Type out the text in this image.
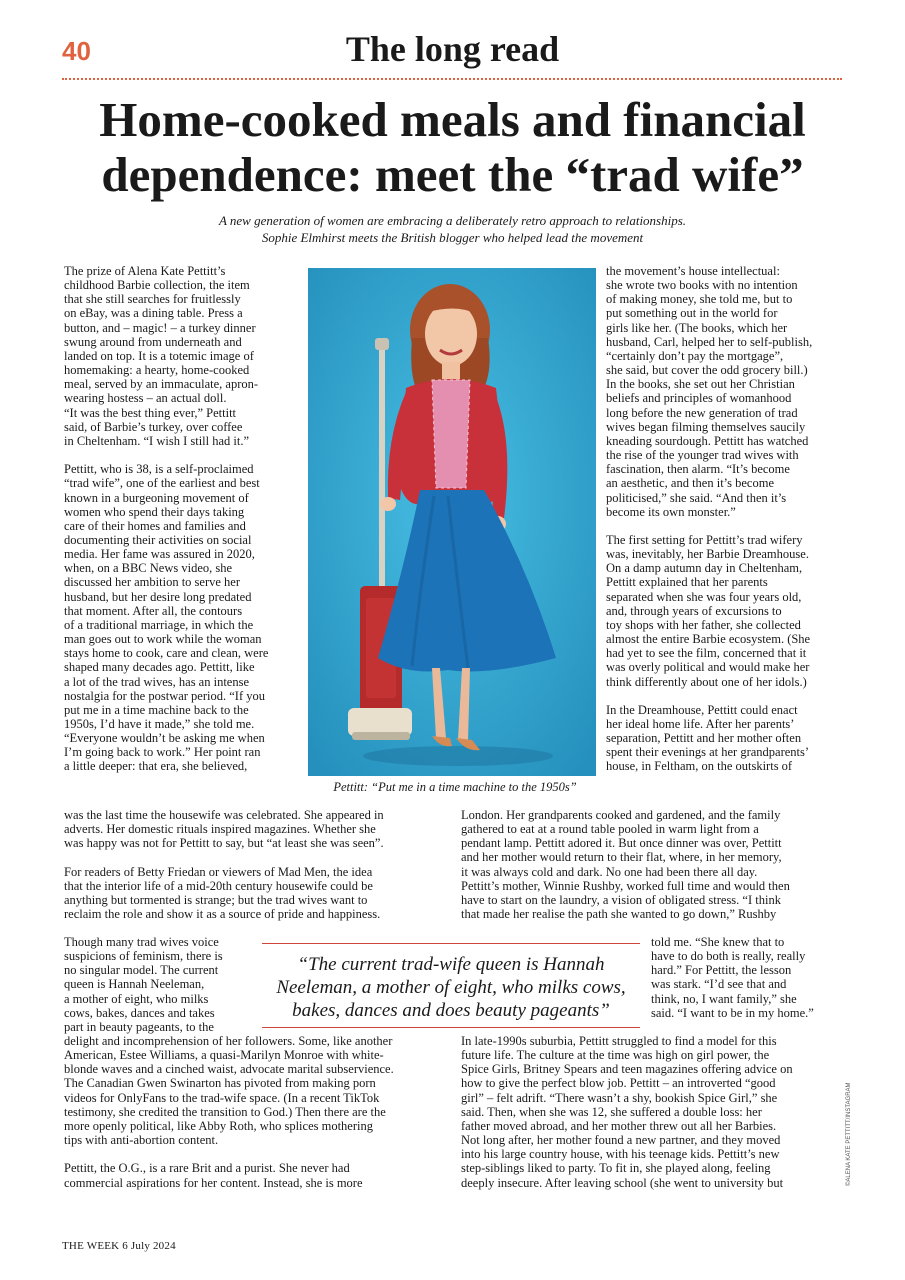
40	The long read
Home-cooked meals and financial
dependence: meet the “trad wife”
A new generation of women are embracing a deliberately retro approach to relationships.
Sophie Elmhirst meets the British blogger who helped lead the movement
The prize of Alena Kate Pettitt’s
childhood Barbie collection, the item
that she still searches for fruitlessly
on eBay, was a dining table. Press a
button, and – magic! – a turkey dinner
swung around from underneath and
landed on top. It is a totemic image of
homemaking: a hearty, home-cooked
meal, served by an immaculate, apron-
wearing hostess – an actual doll.
“It was the best thing ever,” Pettitt
said, of Barbie’s turkey, over coffee
in Cheltenham. “I wish I still had it.”

Pettitt, who is 38, is a self-proclaimed
“trad wife”, one of the earliest and best
known in a burgeoning movement of
women who spend their days taking
care of their homes and families and
documenting their activities on social
media. Her fame was assured in 2020,
when, on a BBC News video, she
discussed her ambition to serve her
husband, but her desire long predated
that moment. After all, the contours
of a traditional marriage, in which the
man goes out to work while the woman
stays home to cook, care and clean, were
shaped many decades ago. Pettitt, like
a lot of the trad wives, has an intense
nostalgia for the postwar period. “If you
put me in a time machine back to the
1950s, I’d have it made,” she told me.
“Everyone wouldn’t be asking me when
I’m going back to work.” Her point ran
a little deeper: that era, she believed,
was the last time the housewife was celebrated. She appeared in
adverts. Her domestic rituals inspired magazines. Whether she
was happy was not for Pettitt to say, but “at least she was seen”.

For readers of Betty Friedan or viewers of Mad Men, the idea
that the interior life of a mid-20th century housewife could be
anything but tormented is strange; but the trad wives want to
reclaim the role and show it as a source of pride and happiness.
Though many trad wives voice
suspicions of feminism, there is
no singular model. The current
queen is Hannah Neeleman,
a mother of eight, who milks
cows, bakes, dances and takes
part in beauty pageants, to the
delight and incomprehension of her followers. Some, like another
American, Estee Williams, a quasi-Marilyn Monroe with white-
blonde waves and a cinched waist, advocate marital subservience.
The Canadian Gwen Swinarton has pivoted from making porn
videos for OnlyFans to the trad-wife space. (In a recent TikTok
testimony, she credited the transition to God.) Then there are the
more openly political, like Abby Roth, who splices mothering
tips with anti-abortion content.

Pettitt, the O.G., is a rare Brit and a purist. She never had
commercial aspirations for her content. Instead, she is more
the movement’s house intellectual:
she wrote two books with no intention
of making money, she told me, but to
put something out in the world for
girls like her. (The books, which her
husband, Carl, helped her to self-publish,
“certainly don’t pay the mortgage”,
she said, but cover the odd grocery bill.)
In the books, she set out her Christian
beliefs and principles of womanhood
long before the new generation of trad
wives began filming themselves saucily
kneading sourdough. Pettitt has watched
the rise of the younger trad wives with
fascination, then alarm. “It’s become
an aesthetic, and then it’s become
politicised,” she said. “And then it’s
become its own monster.”

The first setting for Pettitt’s trad wifery
was, inevitably, her Barbie Dreamhouse.
On a damp autumn day in Cheltenham,
Pettitt explained that her parents
separated when she was four years old,
and, through years of excursions to
toy shops with her father, she collected
almost the entire Barbie ecosystem. (She
had yet to see the film, concerned that it
was overly political and would make her
think differently about one of her idols.)

In the Dreamhouse, Pettitt could enact
her ideal home life. After her parents’
separation, Pettitt and her mother often
spent their evenings at her grandparents’
house, in Feltham, on the outskirts of
London. Her grandparents cooked and gardened, and the family
gathered to eat at a round table pooled in warm light from a
pendant lamp. Pettitt adored it. But once dinner was over, Pettitt
and her mother would return to their flat, where, in her memory,
it was always cold and dark. No one had been there all day.
Pettitt’s mother, Winnie Rushby, worked full time and would then
have to start on the laundry, a vision of obligated stress. “I think
that made her realise the path she wanted to go down,” Rushby
told me. “She knew that to
have to do both is really, really
hard.” For Pettitt, the lesson
was stark. “I’d see that and
think, no, I want family,” she
said. “I want to be in my home.”
In late-1990s suburbia, Pettitt struggled to find a model for this
future life. The culture at the time was high on girl power, the
Spice Girls, Britney Spears and teen magazines offering advice on
how to give the perfect blow job. Pettitt – an introverted “good
girl” – felt adrift. “There wasn’t a shy, bookish Spice Girl,” she
said. Then, when she was 12, she suffered a double loss: her
father moved abroad, and her mother threw out all her Barbies.
Not long after, her mother found a new partner, and they moved
into his large country house, with his teenage kids. Pettitt’s new
step-siblings liked to party. To fit in, she played along, feeling
deeply insecure. After leaving school (she went to university but
Pettitt: “Put me in a time machine to the 1950s”
“The current trad-wife queen is Hannah
Neeleman, a mother of eight, who milks cows,
bakes, dances and does beauty pageants”
©ALENA KATE PETTITT/INSTAGRAM
THE WEEK 6 July 2024
